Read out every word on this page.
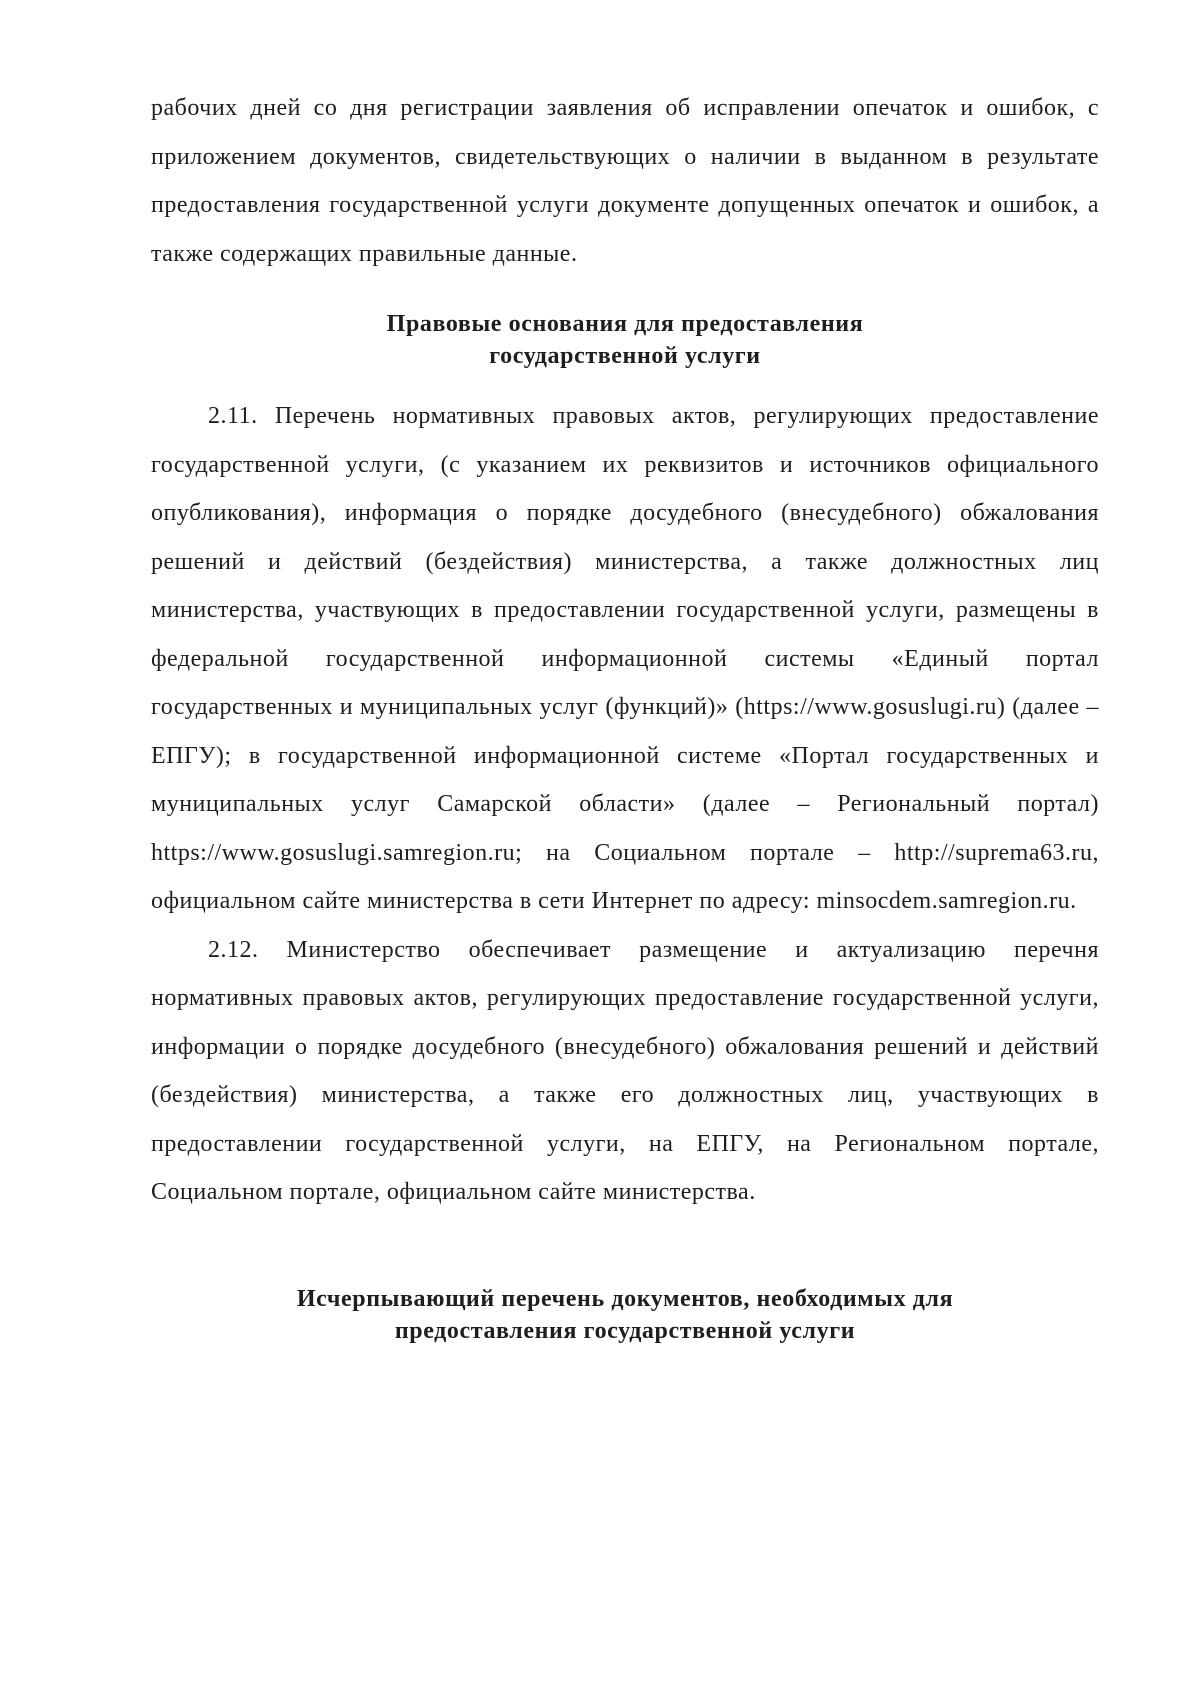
рабочих дней со дня регистрации заявления об исправлении опечаток и ошибок, с приложением документов, свидетельствующих о наличии в выданном в результате предоставления государственной услуги документе допущенных опечаток и ошибок, а также содержащих правильные данные.

Правовые основания для предоставления
государственной услуги

2.11. Перечень нормативных правовых актов, регулирующих предоставление государственной услуги, (с указанием их реквизитов и источников официального опубликования), информация о порядке досудебного (внесудебного) обжалования решений и действий (бездействия) министерства, а также должностных лиц министерства, участвующих в предоставлении государственной услуги, размещены в федеральной государственной информационной системы «Единый портал государственных и муниципальных услуг (функций)» (https://www.gosuslugi.ru) (далее – ЕПГУ); в государственной информационной системе «Портал государственных и муниципальных услуг Самарской области» (далее – Региональный портал) https://www.gosuslugi.samregion.ru; на Социальном портале – http://suprema63.ru, официальном сайте министерства в сети Интернет по адресу: minsocdem.samregion.ru.

2.12. Министерство обеспечивает размещение и актуализацию перечня нормативных правовых актов, регулирующих предоставление государственной услуги, информации о порядке досудебного (внесудебного) обжалования решений и действий (бездействия) министерства, а также его должностных лиц, участвующих в предоставлении государственной услуги, на ЕПГУ, на Региональном портале, Социальном портале, официальном сайте министерства.

Исчерпывающий перечень документов, необходимых для
предоставления государственной услуги
